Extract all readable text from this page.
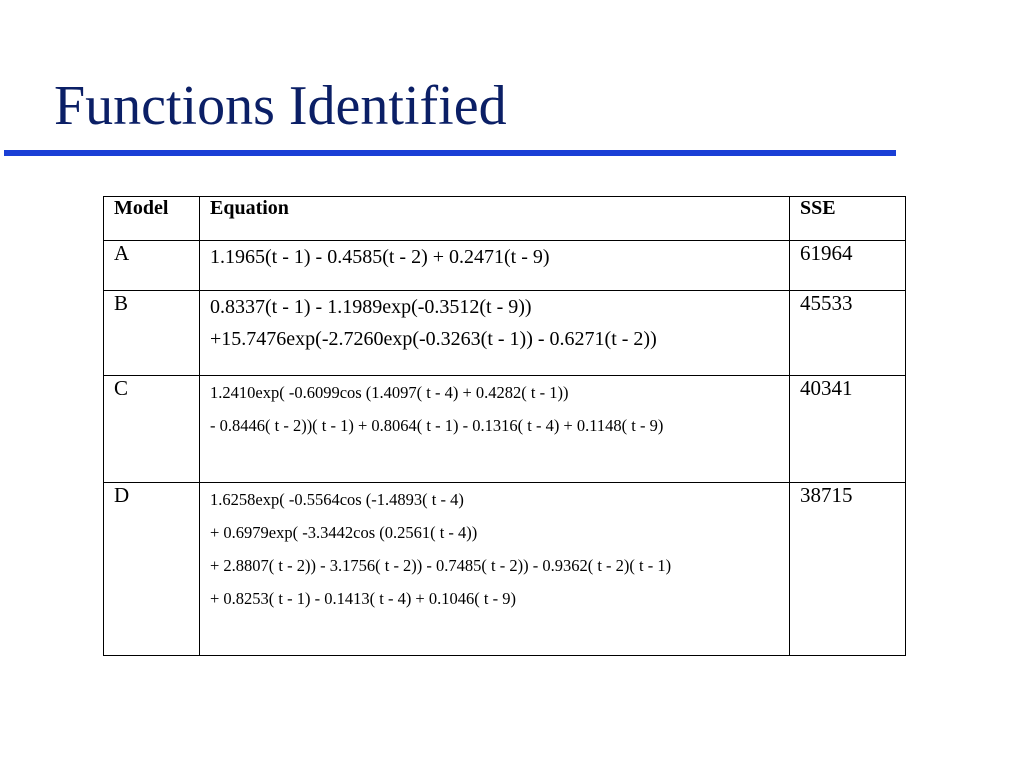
Functions Identified
Model	Equation	SSE
A	1.1965(t - 1) - 0.4585(t - 2) + 0.2471(t - 9)	61964
B	0.8337(t - 1) - 1.1989exp(-0.3512(t - 9))
+15.7476exp(-2.7260exp(-0.3263(t - 1)) - 0.6271(t - 2))	45533
C	1.2410exp( -0.6099cos (1.4097( t - 4) + 0.4282( t - 1))
- 0.8446( t - 2))( t - 1) + 0.8064( t - 1) - 0.1316( t - 4) + 0.1148( t - 9)	40341
D	1.6258exp( -0.5564cos (-1.4893( t - 4)
+ 0.6979exp( -3.3442cos (0.2561( t - 4))
+ 2.8807( t - 2)) - 3.1756( t - 2)) - 0.7485( t - 2)) - 0.9362( t - 2)( t - 1)
+ 0.8253( t - 1) - 0.1413( t - 4) + 0.1046( t - 9)	38715
